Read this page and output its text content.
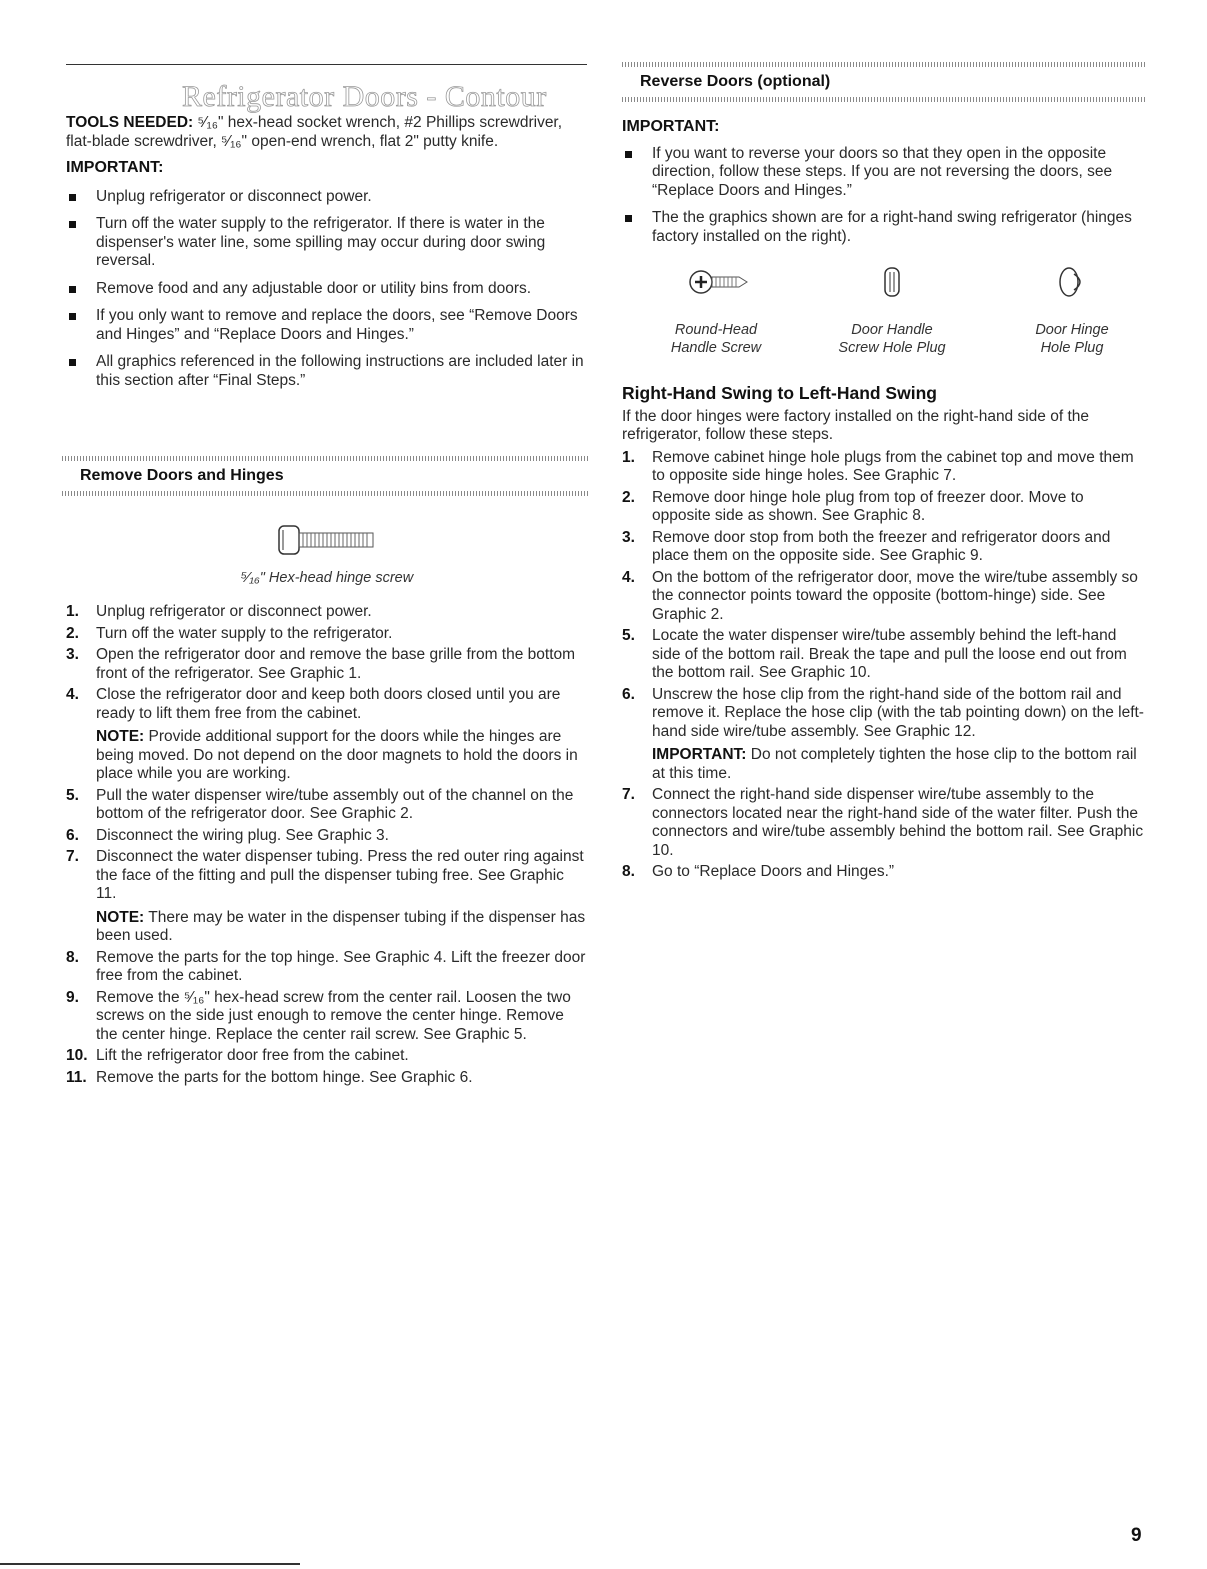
Refrigerator Doors - Contour

TOOLS NEEDED: ⁵⁄₁₆" hex-head socket wrench, #2 Phillips screwdriver, flat-blade screwdriver, ⁵⁄₁₆" open-end wrench, flat 2" putty knife.

IMPORTANT:

Unplug refrigerator or disconnect power.
Turn off the water supply to the refrigerator. If there is water in the dispenser's water line, some spilling may occur during door swing reversal.
Remove food and any adjustable door or utility bins from doors.
If you only want to remove and replace the doors, see “Remove Doors and Hinges” and “Replace Doors and Hinges.”
All graphics referenced in the following instructions are included later in this section after “Final Steps.”
Remove Doors and Hinges
⁵⁄₁₆" Hex-head hinge screw
1. Unplug refrigerator or disconnect power.
2. Turn off the water supply to the refrigerator.
3. Open the refrigerator door and remove the base grille from the bottom front of the refrigerator. See Graphic 1.
4. Close the refrigerator door and keep both doors closed until you are ready to lift them free from the cabinet.

NOTE: Provide additional support for the doors while the hinges are being moved. Do not depend on the door magnets to hold the doors in place while you are working.

5. Pull the water dispenser wire/tube assembly out of the channel on the bottom of the refrigerator door. See Graphic 2.
6. Disconnect the wiring plug. See Graphic 3.
7. Disconnect the water dispenser tubing. Press the red outer ring against the face of the fitting and pull the dispenser tubing free. See Graphic 11.

NOTE: There may be water in the dispenser tubing if the dispenser has been used.

8. Remove the parts for the top hinge. See Graphic 4. Lift the freezer door free from the cabinet.
9. Remove the ⁵⁄₁₆" hex-head screw from the center rail. Loosen the two screws on the side just enough to remove the center hinge. Remove the center hinge. Replace the center rail screw. See Graphic 5.
10. Lift the refrigerator door free from the cabinet.
11. Remove the parts for the bottom hinge. See Graphic 6.
Reverse Doors (optional)

IMPORTANT:

If you want to reverse your doors so that they open in the opposite direction, follow these steps. If you are not reversing the doors, see “Replace Doors and Hinges.”
The the graphics shown are for a right-hand swing refrigerator (hinges factory installed on the right).
Round-Head
Handle Screw
Door Handle
Screw Hole Plug
Door Hinge
Hole Plug

Right-Hand Swing to Left-Hand Swing

If the door hinges were factory installed on the right-hand side of the refrigerator, follow these steps.

1. Remove cabinet hinge hole plugs from the cabinet top and move them to opposite side hinge holes. See Graphic 7.
2. Remove door hinge hole plug from top of freezer door. Move to opposite side as shown. See Graphic 8.
3. Remove door stop from both the freezer and refrigerator doors and place them on the opposite side. See Graphic 9.
4. On the bottom of the refrigerator door, move the wire/tube assembly so the connector points toward the opposite (bottom-hinge) side. See Graphic 2.
5. Locate the water dispenser wire/tube assembly behind the left-hand side of the bottom rail. Break the tape and pull the loose end out from the bottom rail. See Graphic 10.
6. Unscrew the hose clip from the right-hand side of the bottom rail and remove it. Replace the hose clip (with the tab pointing down) on the left-hand side wire/tube assembly. See Graphic 12.

IMPORTANT: Do not completely tighten the hose clip to the bottom rail at this time.

7. Connect the right-hand side dispenser wire/tube assembly to the connectors located near the right-hand side of the water filter. Push the connectors and wire/tube assembly behind the bottom rail. See Graphic 10.
8. Go to “Replace Doors and Hinges.”
9
